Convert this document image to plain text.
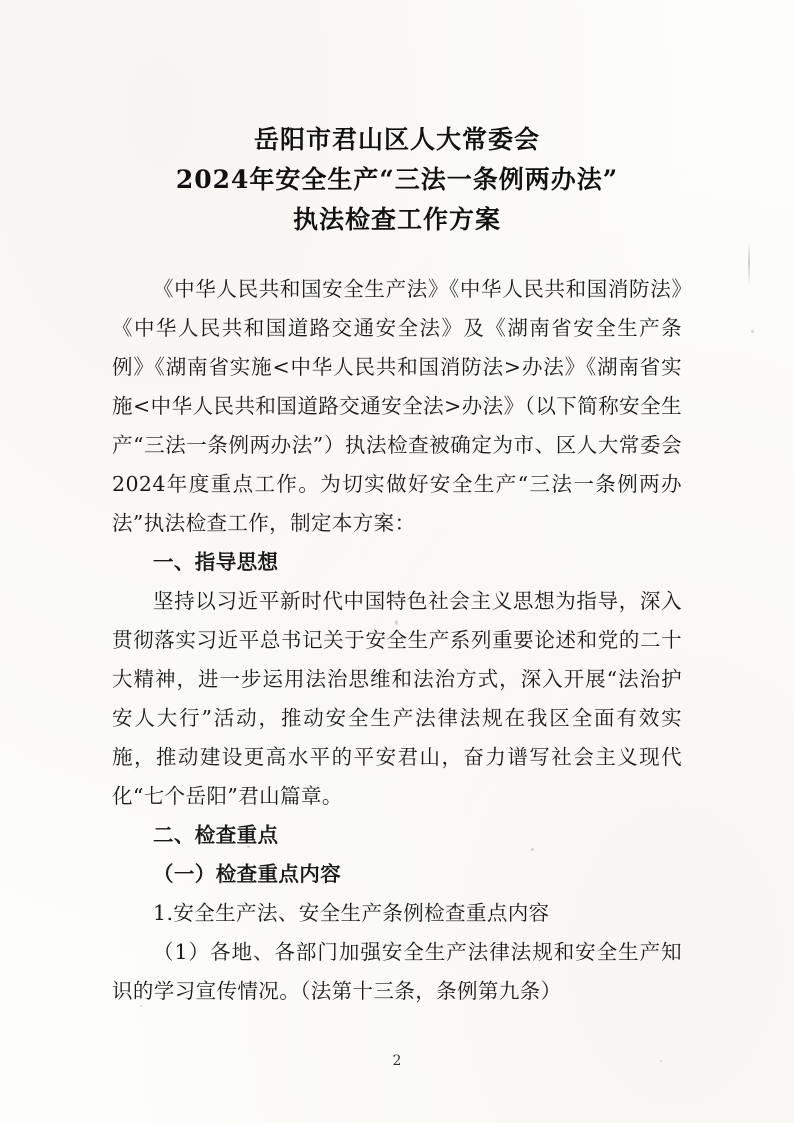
岳阳市君山区人大常委会
2024年安全生产“三法一条例两办法”
执法检查工作方案

《中华人民共和国安全生产法》《中华人民共和国消防法》《中华人民共和国道路交通安全法》及《湖南省安全生产条例》《湖南省实施<中华人民共和国消防法>办法》《湖南省实施<中华人民共和国道路交通安全法>办法》（以下简称安全生产“三法一条例两办法”）执法检查被确定为市、区人大常委会2024年度重点工作。为切实做好安全生产“三法一条例两办法”执法检查工作，制定本方案：

一、指导思想

坚持以习近平新时代中国特色社会主义思想为指导，深入贯彻落实习近平总书记关于安全生产系列重要论述和党的二十大精神，进一步运用法治思维和法治方式，深入开展“法治护安人大行”活动，推动安全生产法律法规在我区全面有效实施，推动建设更高水平的平安君山，奋力谱写社会主义现代化“七个岳阳”君山篇章。

二、检查重点

（一）检查重点内容

1.安全生产法、安全生产条例检查重点内容

（1）各地、各部门加强安全生产法律法规和安全生产知识的学习宣传情况。（法第十三条，条例第九条）

2
